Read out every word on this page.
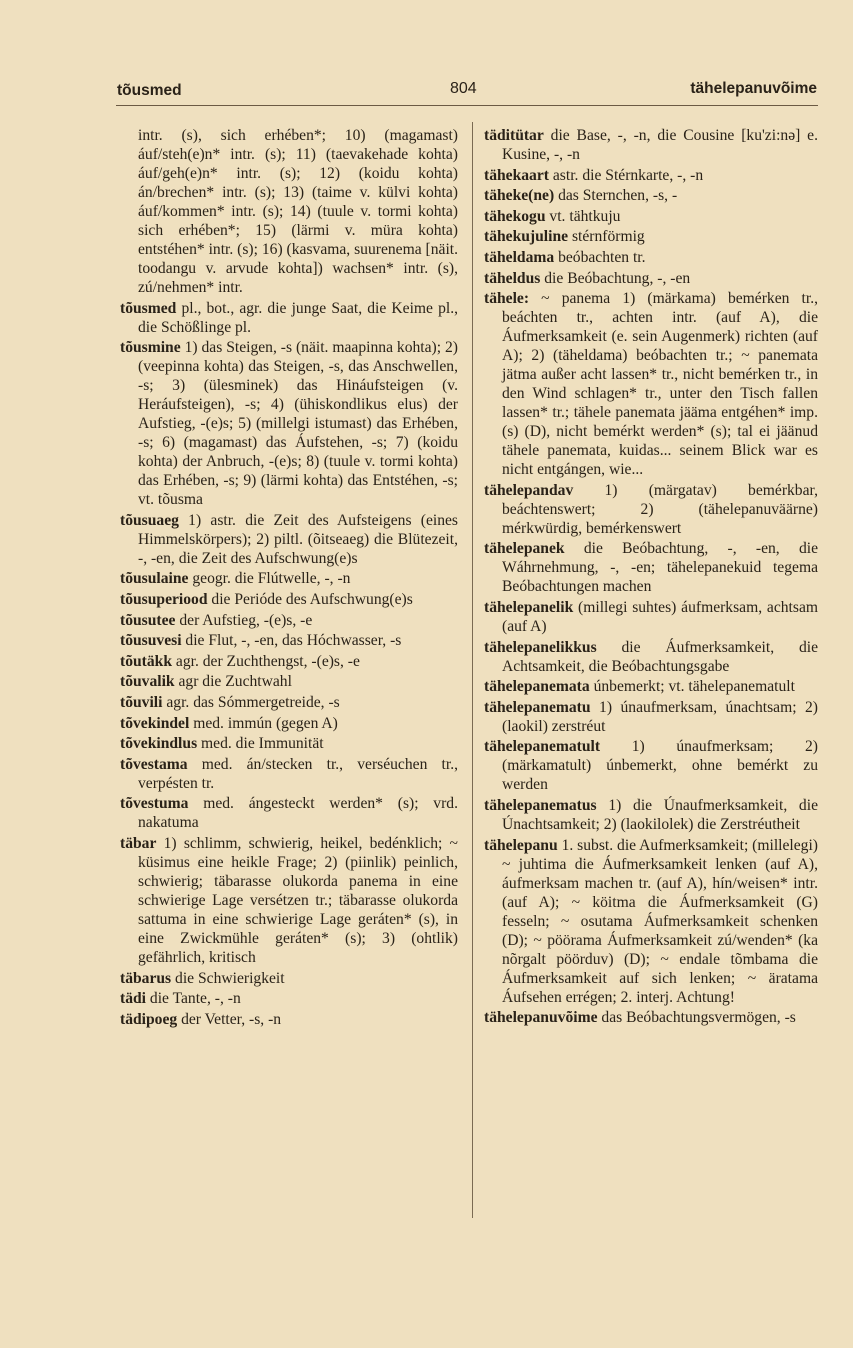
tõusmed	804	tähelepanuvõime

intr. (s), sich erhében*; 10) (magamast) áuf/steh(e)n* intr. (s); 11) (taevakehade kohta) áuf/geh(e)n* intr. (s); 12) (koidu kohta) án/brechen* intr. (s); 13) (taime v. külvi kohta) áuf/kommen* intr. (s); 14) (tuule v. tormi kohta) sich erhében*; 15) (lärmi v. müra kohta) entstéhen* intr. (s); 16) (kasvama, suurenema [näit. toodangu v. arvude kohta]) wachsen* intr. (s), zú/nehmen* intr.

tõusmed pl., bot., agr. die junge Saat, die Keime pl., die Schößlinge pl.

tõusmine 1) das Steigen, -s (näit. maapinna kohta); 2) (veepinna kohta) das Steigen, -s, das Anschwellen, -s; 3) (ülesminek) das Hináufsteigen (v. Heráufsteigen), -s; 4) (ühiskondlikus elus) der Aufstieg, -(e)s; 5) (millelgi istumast) das Erhében, -s; 6) (magamast) das Áufstehen, -s; 7) (koidu kohta) der Anbruch, -(e)s; 8) (tuule v. tormi kohta) das Erhében, -s; 9) (lärmi kohta) das Entstéhen, -s; vt. tõusma

tõusuaeg 1) astr. die Zeit des Aufsteigens (eines Himmelskörpers); 2) piltl. (õitseaeg) die Blütezeit, -, -en, die Zeit des Aufschwung(e)s

tõusulaine geogr. die Flútwelle, -, -n

tõusuperiood die Perióde des Aufschwung(e)s

tõusutee der Aufstieg, -(e)s, -e

tõusuvesi die Flut, -, -en, das Hóchwasser, -s

tõutäkk agr. der Zuchthengst, -(e)s, -e

tõuvalik agr die Zuchtwahl

tõuvili agr. das Sómmergetreide, -s

tõvekindel med. immún (gegen A)

tõvekindlus med. die Immunität

tõvestama med. án/stecken tr., verséuchen tr., verpésten tr.

tõvestuma med. ángesteckt werden* (s); vrd. nakatuma

täbar 1) schlimm, schwierig, heikel, bedénklich; ~ küsimus eine heikle Frage; 2) (piinlik) peinlich, schwierig; täbarasse olukorda panema in eine schwierige Lage versétzen tr.; täbarasse olukorda sattuma in eine schwierige Lage geráten* (s), in eine Zwickmühle geráten* (s); 3) (ohtlik) gefährlich, kritisch

täbarus die Schwierigkeit

tädi die Tante, -, -n

tädipoeg der Vetter, -s, -n

täditütar die Base, -, -n, die Cousine [ku'zi:nə] e. Kusine, -, -n

tähekaart astr. die Stérnkarte, -, -n

täheke(ne) das Sternchen, -s, -

tähekogu vt. tähtkuju

tähekujuline stérnförmig

täheldama beóbachten tr.

täheldus die Beóbachtung, -, -en

tähele: ~ panema 1) (märkama) bemérken tr., beáchten tr., achten intr. (auf A), die Áufmerksamkeit (e. sein Augenmerk) richten (auf A); 2) (täheldama) beóbachten tr.; ~ panemata jätma außer acht lassen* tr., nicht bemérken tr., in den Wind schlagen* tr., unter den Tisch fallen lassen* tr.; tähele panemata jääma entgéhen* imp. (s) (D), nicht bemérkt werden* (s); tal ei jäänud tähele panemata, kuidas... seinem Blick war es nicht entgángen, wie...

tähelepandav 1) (märgatav) bemérkbar, beáchtenswert; 2) (tähelepanuväärne) mérkwürdig, bemérkenswert

tähelepanek die Beóbachtung, -, -en, die Wáhrnehmung, -, -en; tähelepanekuid tegema Beóbachtungen machen

tähelepanelik (millegi suhtes) áufmerksam, achtsam (auf A)

tähelepanelikkus die Áufmerksamkeit, die Achtsamkeit, die Beóbachtungsgabe

tähelepanemata únbemerkt; vt. tähelepanematult

tähelepanematu 1) únaufmerksam, únachtsam; 2) (laokil) zerstréut

tähelepanematult 1) únaufmerksam; 2) (märkamatult) únbemerkt, ohne bemérkt zu werden

tähelepanematus 1) die Únaufmerksamkeit, die Únachtsamkeit; 2) (laokilolek) die Zerstréutheit

tähelepanu 1. subst. die Aufmerksamkeit; (millelegi) ~ juhtima die Áufmerksamkeit lenken (auf A), áufmerksam machen tr. (auf A), hín/weisen* intr. (auf A); ~ köitma die Áufmerksamkeit (G) fesseln; ~ osutama Áufmerksamkeit schenken (D); ~ pöörama Áufmerksamkeit zú/wenden* (ka nõrgalt pöörduv) (D); ~ endale tõmbama die Áufmerksamkeit auf sich lenken; ~ äratama Áufsehen errégen; 2. interj. Achtung!

tähelepanuvõime das Beóbachtungsvermögen, -s
